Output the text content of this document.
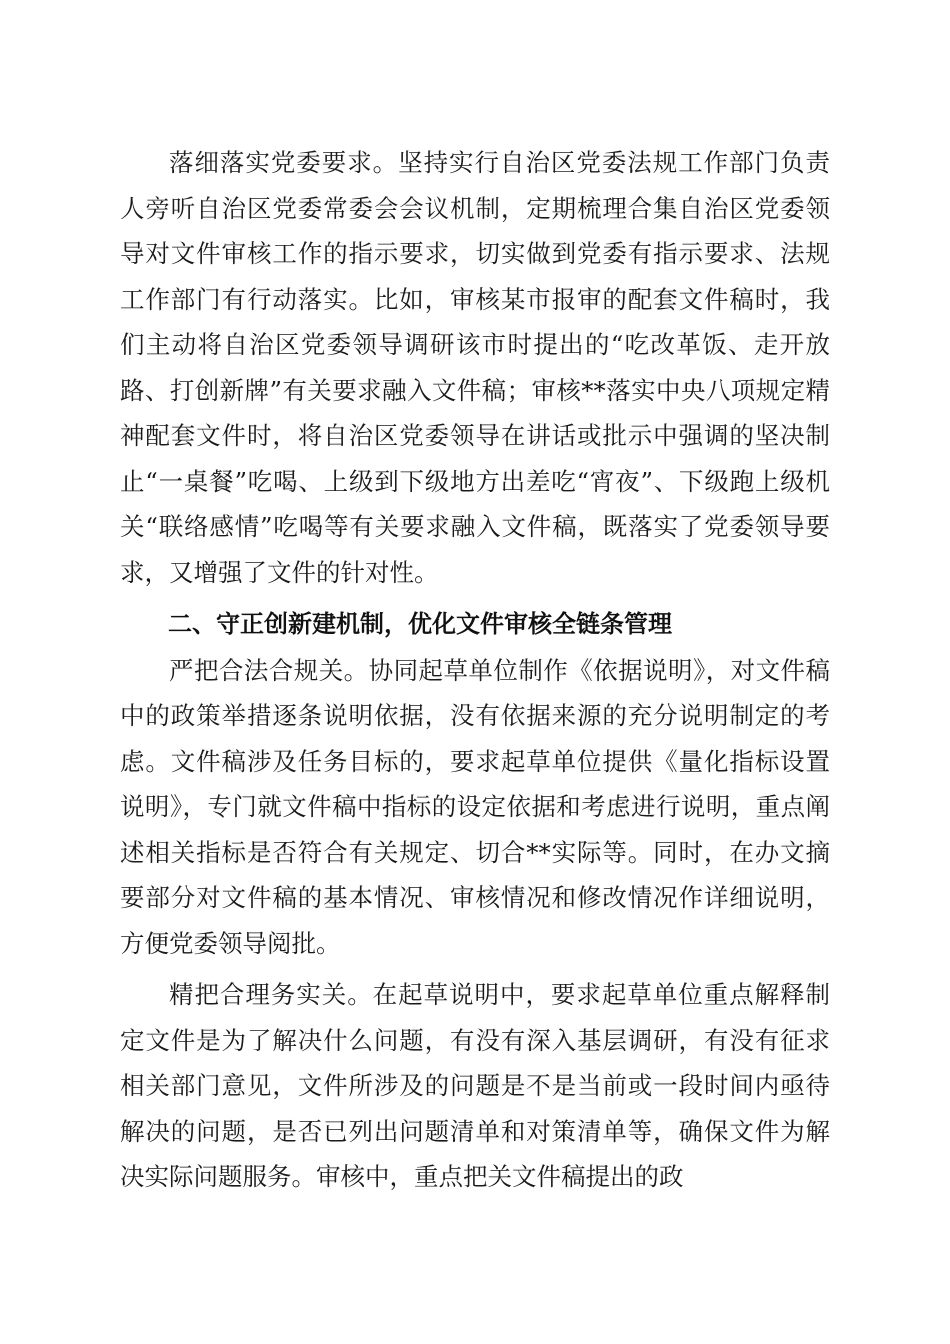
落细落实党委要求。坚持实行自治区党委法规工作部门负责人旁听自治区党委常委会会议机制，定期梳理合集自治区党委领导对文件审核工作的指示要求，切实做到党委有指示要求、法规工作部门有行动落实。比如，审核某市报审的配套文件稿时，我们主动将自治区党委领导调研该市时提出的“吃改革饭、走开放路、打创新牌”有关要求融入文件稿；审核**落实中央八项规定精神配套文件时，将自治区党委领导在讲话或批示中强调的坚决制止“一桌餐”吃喝、上级到下级地方出差吃“宵夜”、下级跑上级机关“联络感情”吃喝等有关要求融入文件稿，既落实了党委领导要求，又增强了文件的针对性。

二、守正创新建机制，优化文件审核全链条管理

严把合法合规关。协同起草单位制作《依据说明》，对文件稿中的政策举措逐条说明依据，没有依据来源的充分说明制定的考虑。文件稿涉及任务目标的，要求起草单位提供《量化指标设置说明》，专门就文件稿中指标的设定依据和考虑进行说明，重点阐述相关指标是否符合有关规定、切合**实际等。同时，在办文摘要部分对文件稿的基本情况、审核情况和修改情况作详细说明，方便党委领导阅批。

精把合理务实关。在起草说明中，要求起草单位重点解释制定文件是为了解决什么问题，有没有深入基层调研，有没有征求相关部门意见，文件所涉及的问题是不是当前或一段时间内亟待解决的问题，是否已列出问题清单和对策清单等，确保文件为解决实际问题服务。审核中，重点把关文件稿提出的政
